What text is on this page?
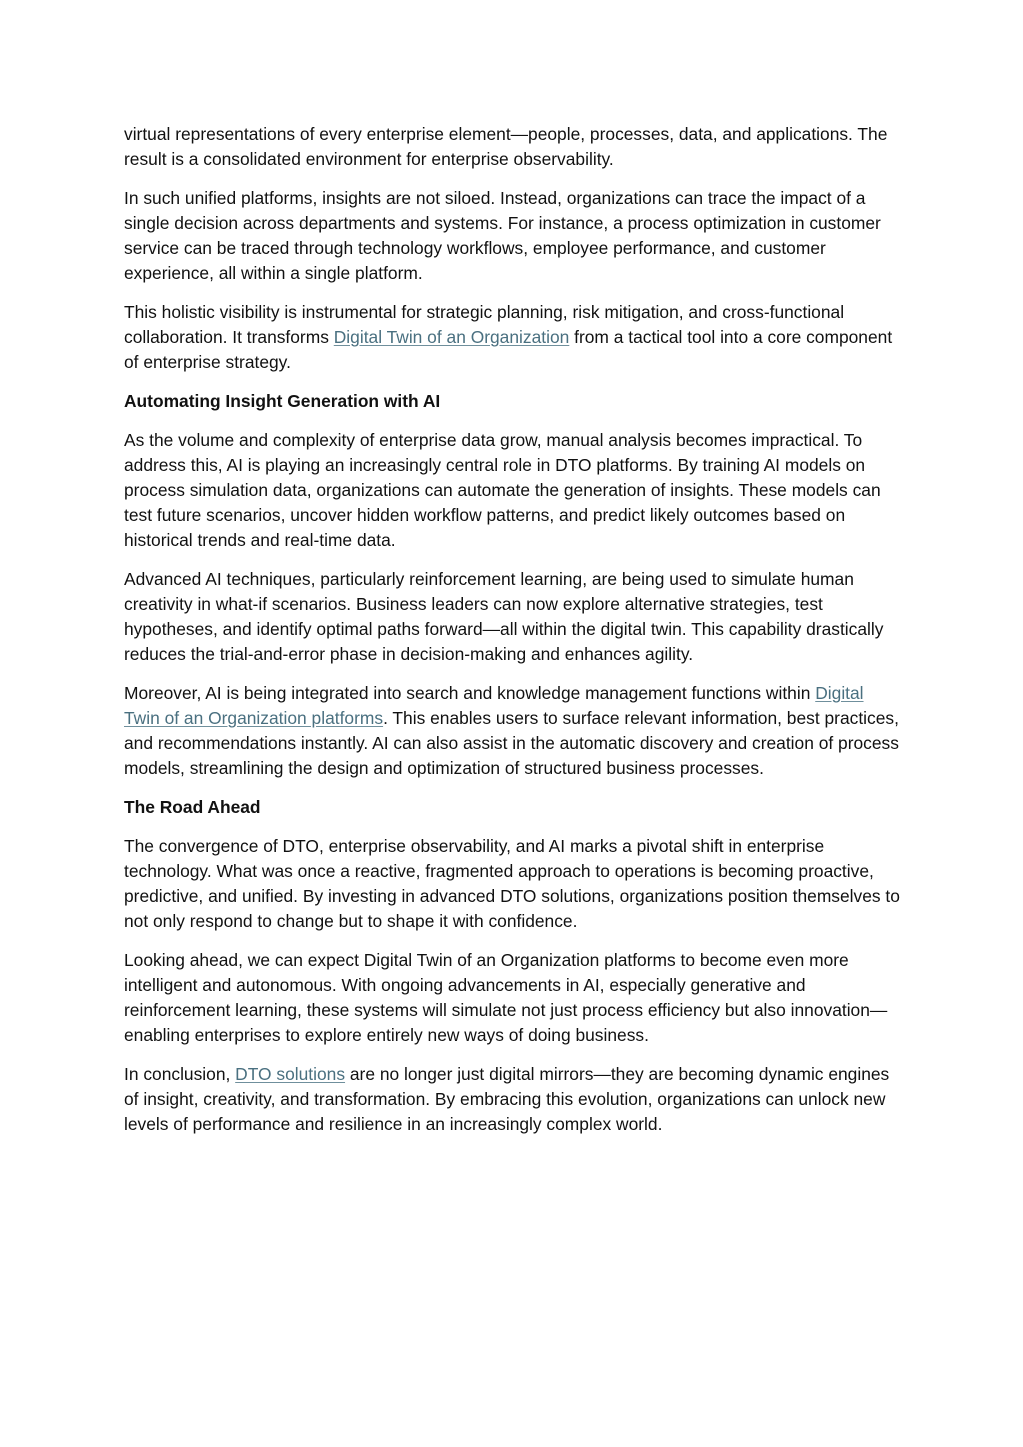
virtual representations of every enterprise element—people, processes, data, and applications. The result is a consolidated environment for enterprise observability.

In such unified platforms, insights are not siloed. Instead, organizations can trace the impact of a single decision across departments and systems. For instance, a process optimization in customer service can be traced through technology workflows, employee performance, and customer experience, all within a single platform.

This holistic visibility is instrumental for strategic planning, risk mitigation, and cross-functional collaboration. It transforms Digital Twin of an Organization from a tactical tool into a core component of enterprise strategy.

Automating Insight Generation with AI

As the volume and complexity of enterprise data grow, manual analysis becomes impractical. To address this, AI is playing an increasingly central role in DTO platforms. By training AI models on process simulation data, organizations can automate the generation of insights. These models can test future scenarios, uncover hidden workflow patterns, and predict likely outcomes based on historical trends and real-time data.

Advanced AI techniques, particularly reinforcement learning, are being used to simulate human creativity in what-if scenarios. Business leaders can now explore alternative strategies, test hypotheses, and identify optimal paths forward—all within the digital twin. This capability drastically reduces the trial-and-error phase in decision-making and enhances agility.

Moreover, AI is being integrated into search and knowledge management functions within Digital Twin of an Organization platforms. This enables users to surface relevant information, best practices, and recommendations instantly. AI can also assist in the automatic discovery and creation of process models, streamlining the design and optimization of structured business processes.

The Road Ahead

The convergence of DTO, enterprise observability, and AI marks a pivotal shift in enterprise technology. What was once a reactive, fragmented approach to operations is becoming proactive, predictive, and unified. By investing in advanced DTO solutions, organizations position themselves to not only respond to change but to shape it with confidence.

Looking ahead, we can expect Digital Twin of an Organization platforms to become even more intelligent and autonomous. With ongoing advancements in AI, especially generative and reinforcement learning, these systems will simulate not just process efficiency but also innovation—enabling enterprises to explore entirely new ways of doing business.

In conclusion, DTO solutions are no longer just digital mirrors—they are becoming dynamic engines of insight, creativity, and transformation. By embracing this evolution, organizations can unlock new levels of performance and resilience in an increasingly complex world.
